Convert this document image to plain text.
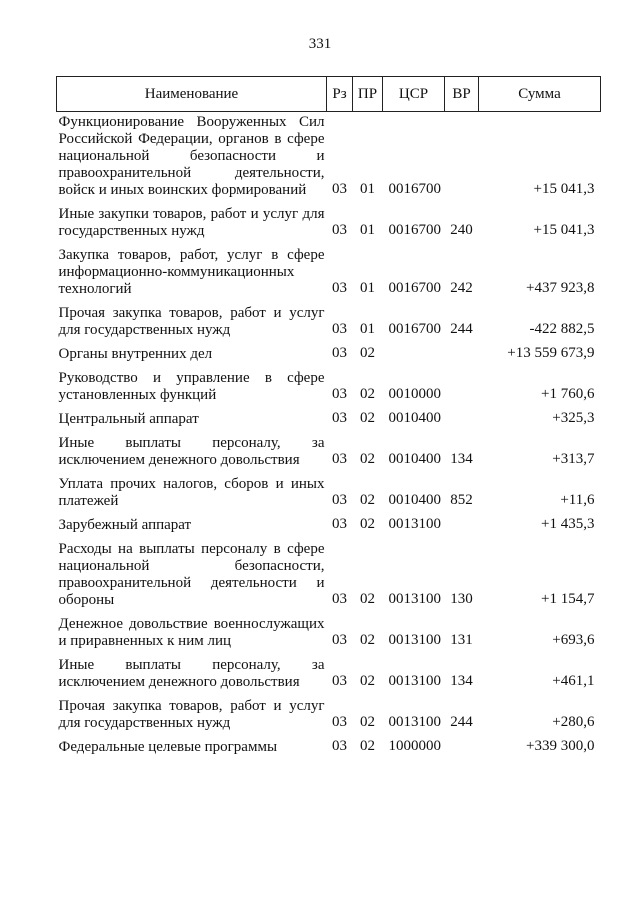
331
Наименование	Рз	ПР	ЦСР	ВР	Сумма
Функционирование Вооруженных Сил Российской Федерации, органов в сфере национальной безопасности и правоохранительной деятельности, войск и иных воинских формирований	03	01	0016700		+15 041,3
Иные закупки товаров, работ и услуг для государственных нужд	03	01	0016700	240	+15 041,3
Закупка товаров, работ, услуг в сфере информационно-коммуникационных технологий	03	01	0016700	242	+437 923,8
Прочая закупка товаров, работ и услуг для государственных нужд	03	01	0016700	244	-422 882,5
Органы внутренних дел	03	02			+13 559 673,9
Руководство и управление в сфере установленных функций	03	02	0010000		+1 760,6
Центральный аппарат	03	02	0010400		+325,3
Иные выплаты персоналу, за исключением денежного довольствия	03	02	0010400	134	+313,7
Уплата прочих налогов, сборов и иных платежей	03	02	0010400	852	+11,6
Зарубежный аппарат	03	02	0013100		+1 435,3
Расходы на выплаты персоналу в сфере национальной безопасности, правоохранительной деятельности и обороны	03	02	0013100	130	+1 154,7
Денежное довольствие военнослужащих и приравненных к ним лиц	03	02	0013100	131	+693,6
Иные выплаты персоналу, за исключением денежного довольствия	03	02	0013100	134	+461,1
Прочая закупка товаров, работ и услуг для государственных нужд	03	02	0013100	244	+280,6
Федеральные целевые программы	03	02	1000000		+339 300,0
